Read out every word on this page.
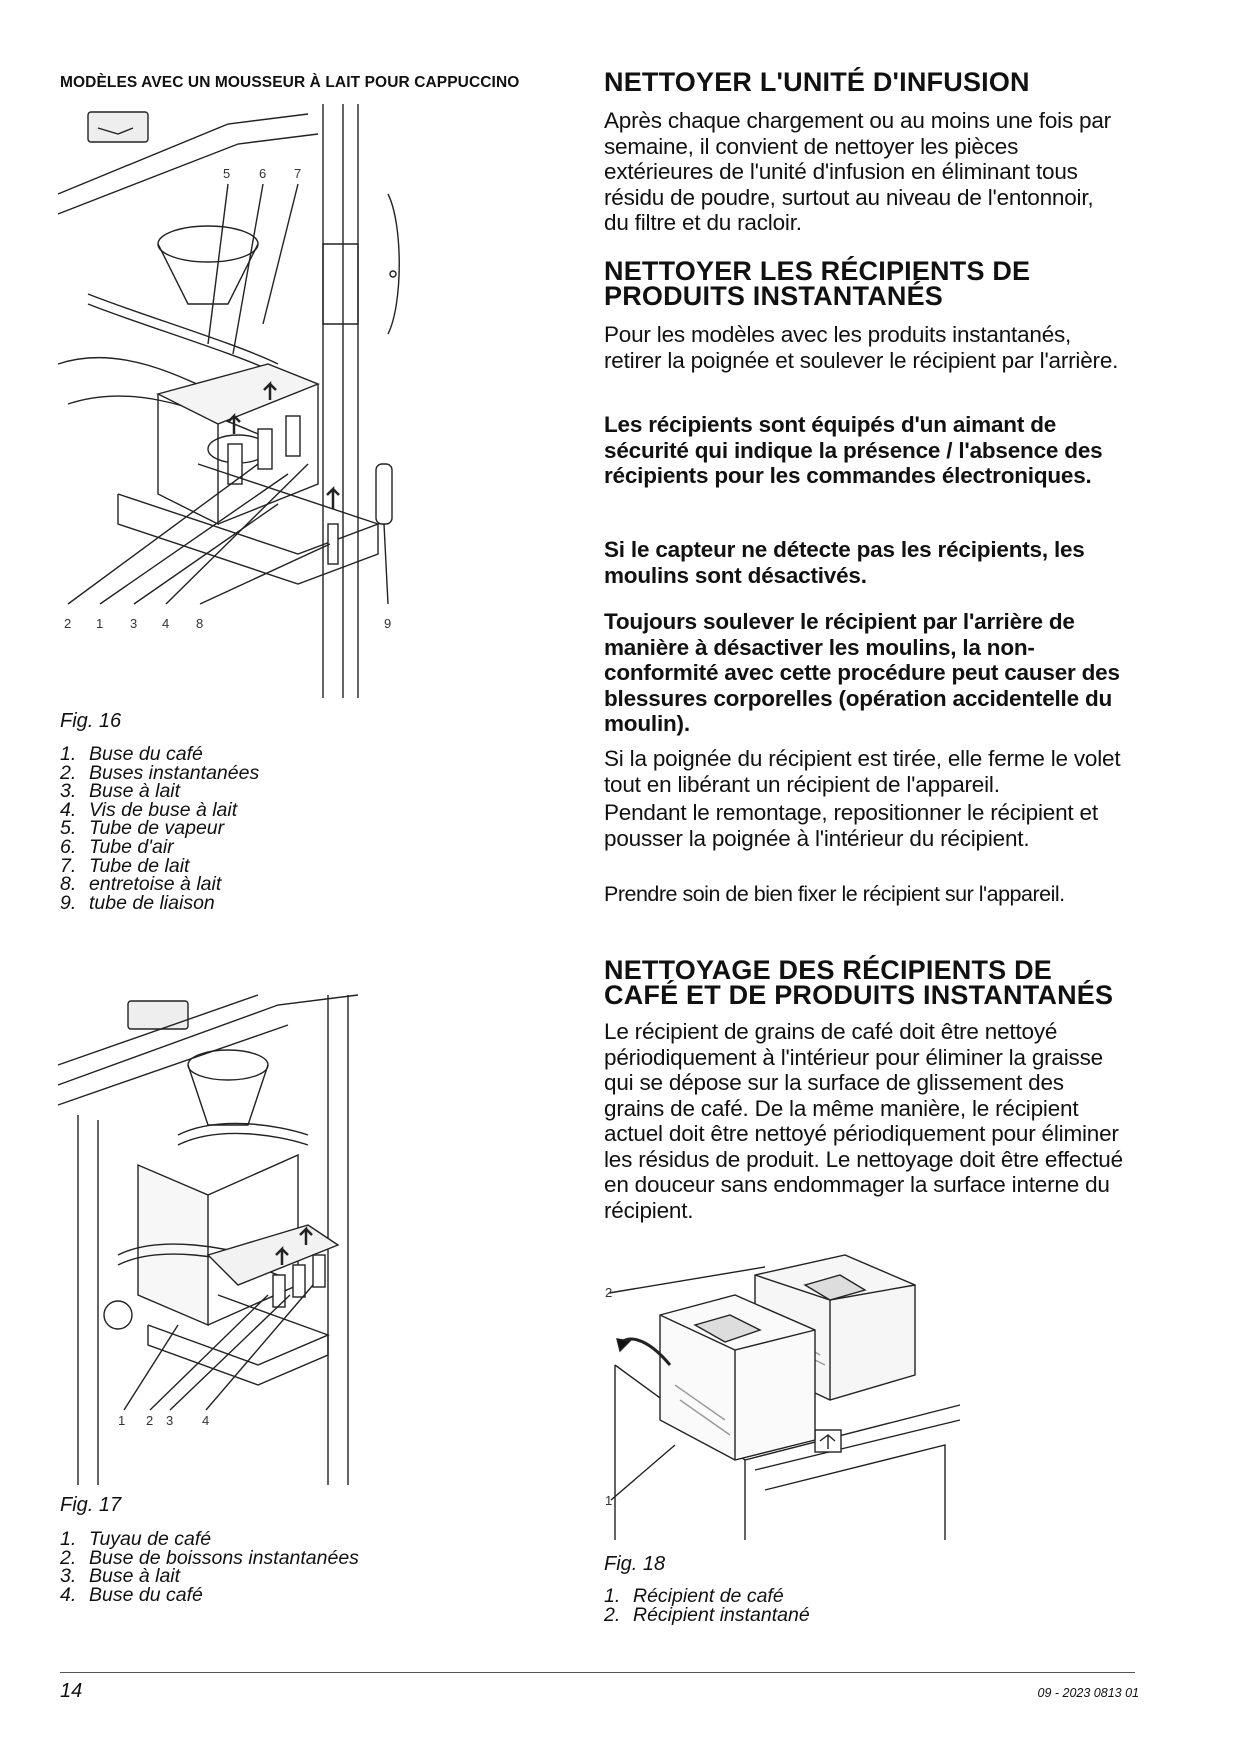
MODÈLES AVEC UN MOUSSEUR À LAIT POUR CAPPUCCINO
5 6 7
2 1 3 4 8	9
Fig. 16
1. Buse du café
2. Buses instantanées
3. Buse à lait
4. Vis de buse à lait
5. Tube de vapeur
6. Tube d'air
7. Tube de lait
8. entretoise à lait
9. tube de liaison
1 2 3 4
Fig. 17
1. Tuyau de café
2. Buse de boissons instantanées
3. Buse à lait
4. Buse du café
NETTOYER L'UNITÉ D'INFUSION

Après chaque chargement ou au moins une fois par semaine, il convient de nettoyer les pièces extérieures de l'unité d'infusion en éliminant tous résidu de poudre, surtout au niveau de l'entonnoir, du filtre et du racloir.

NETTOYER LES RÉCIPIENTS DE
PRODUITS INSTANTANÉS

Pour les modèles avec les produits instantanés, retirer la poignée et soulever le récipient par l'arrière.

Les récipients sont équipés d'un aimant de sécurité qui indique la présence / l'absence des récipients pour les commandes électroniques.

Si le capteur ne détecte pas les récipients, les moulins sont désactivés.

Toujours soulever le récipient par l'arrière de manière à désactiver les moulins, la non-conformité avec cette procédure peut causer des blessures corporelles (opération accidentelle du moulin).

Si la poignée du récipient est tirée, elle ferme le volet tout en libérant un récipient de l'appareil.

Pendant le remontage, repositionner le récipient et pousser la poignée à l'intérieur du récipient.

Prendre soin de bien fixer le récipient sur l'appareil.

NETTOYAGE DES RÉCIPIENTS DE
CAFÉ ET DE PRODUITS INSTANTANÉS

Le récipient de grains de café doit être nettoyé périodiquement à l'intérieur pour éliminer la graisse qui se dépose sur la surface de glissement des grains de café. De la même manière, le récipient actuel doit être nettoyé périodiquement pour éliminer les résidus de produit. Le nettoyage doit être effectué en douceur sans endommager la surface interne du récipient.

2
1
Fig. 18
1. Récipient de café
2. Récipient instantané
14	09 - 2023 0813 01
